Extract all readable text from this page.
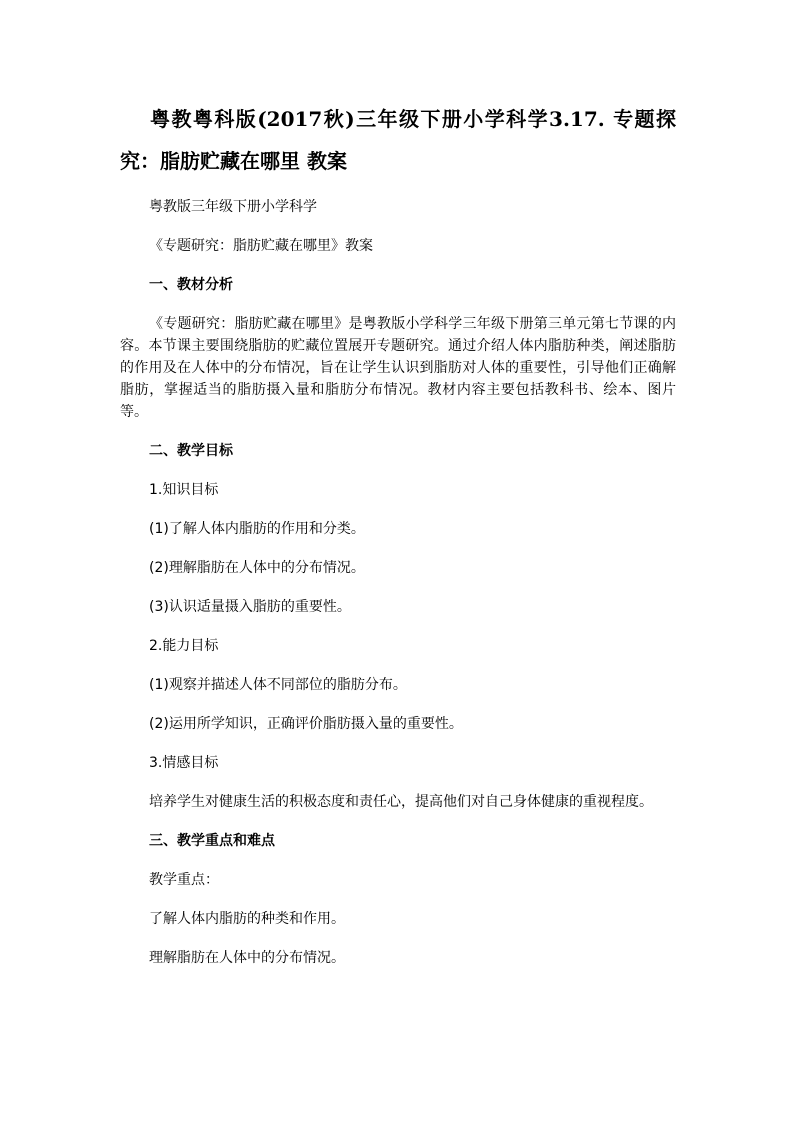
粤教粤科版(2017秋)三年级下册小学科学3.17. 专题探究：脂肪贮藏在哪里 教案

粤教版三年级下册小学科学

《专题研究：脂肪贮藏在哪里》教案

一、教材分析

《专题研究：脂肪贮藏在哪里》是粤教版小学科学三年级下册第三单元第七节课的内容。本节课主要围绕脂肪的贮藏位置展开专题研究。通过介绍人体内脂肪种类，阐述脂肪的作用及在人体中的分布情况，旨在让学生认识到脂肪对人体的重要性，引导他们正确解脂肪，掌握适当的脂肪摄入量和脂肪分布情况。教材内容主要包括教科书、绘本、图片等。

二、教学目标

1.知识目标

(1)了解人体内脂肪的作用和分类。

(2)理解脂肪在人体中的分布情况。

(3)认识适量摄入脂肪的重要性。

2.能力目标

(1)观察并描述人体不同部位的脂肪分布。

(2)运用所学知识，正确评价脂肪摄入量的重要性。

3.情感目标

培养学生对健康生活的积极态度和责任心，提高他们对自己身体健康的重视程度。

三、教学重点和难点

教学重点：

了解人体内脂肪的种类和作用。

理解脂肪在人体中的分布情况。
